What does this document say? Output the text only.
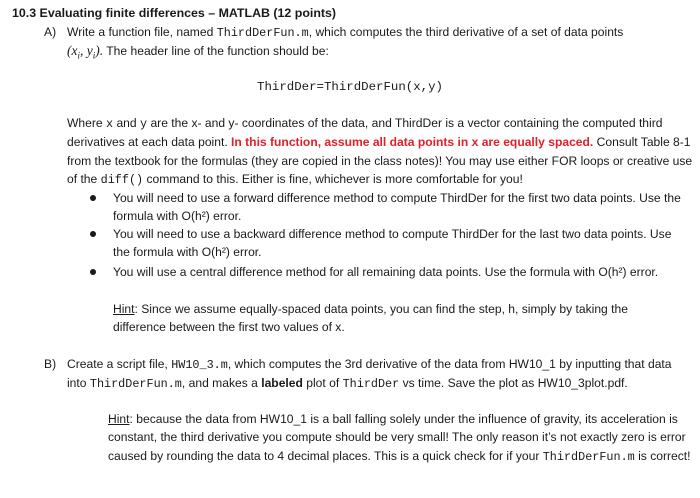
10.3 Evaluating finite differences – MATLAB (12 points)
A) Write a function file, named ThirdDerFun.m, which computes the third derivative of a set of data points
($x_i$, $y_i$). The header line of the function should be:
ThirdDer=ThirdDerFun(x,y)
Where x and y are the x- and y- coordinates of the data, and ThirdDer is a vector containing the computed third derivatives at each data point. In this function, assume all data points in x are equally spaced. Consult Table 8-1 from the textbook for the formulas (they are copied in the class notes)! You may use either FOR loops or creative use of the diff() command to this. Either is fine, whichever is more comfortable for you!
You will need to use a forward difference method to compute ThirdDer for the first two data points. Use the formula with O(h²) error.
You will need to use a backward difference method to compute ThirdDer for the last two data points. Use the formula with O(h²) error.
You will use a central difference method for all remaining data points. Use the formula with O(h²) error.
Hint: Since we assume equally-spaced data points, you can find the step, h, simply by taking the difference between the first two values of x.
B) Create a script file, HW10_3.m, which computes the 3rd derivative of the data from HW10_1 by inputting that data into ThirdDerFun.m, and makes a labeled plot of ThirdDer vs time. Save the plot as HW10_3plot.pdf.
Hint: because the data from HW10_1 is a ball falling solely under the influence of gravity, its acceleration is constant, the third derivative you compute should be very small! The only reason it’s not exactly zero is error caused by rounding the data to 4 decimal places. This is a quick check for if your ThirdDerFun.m is correct!
